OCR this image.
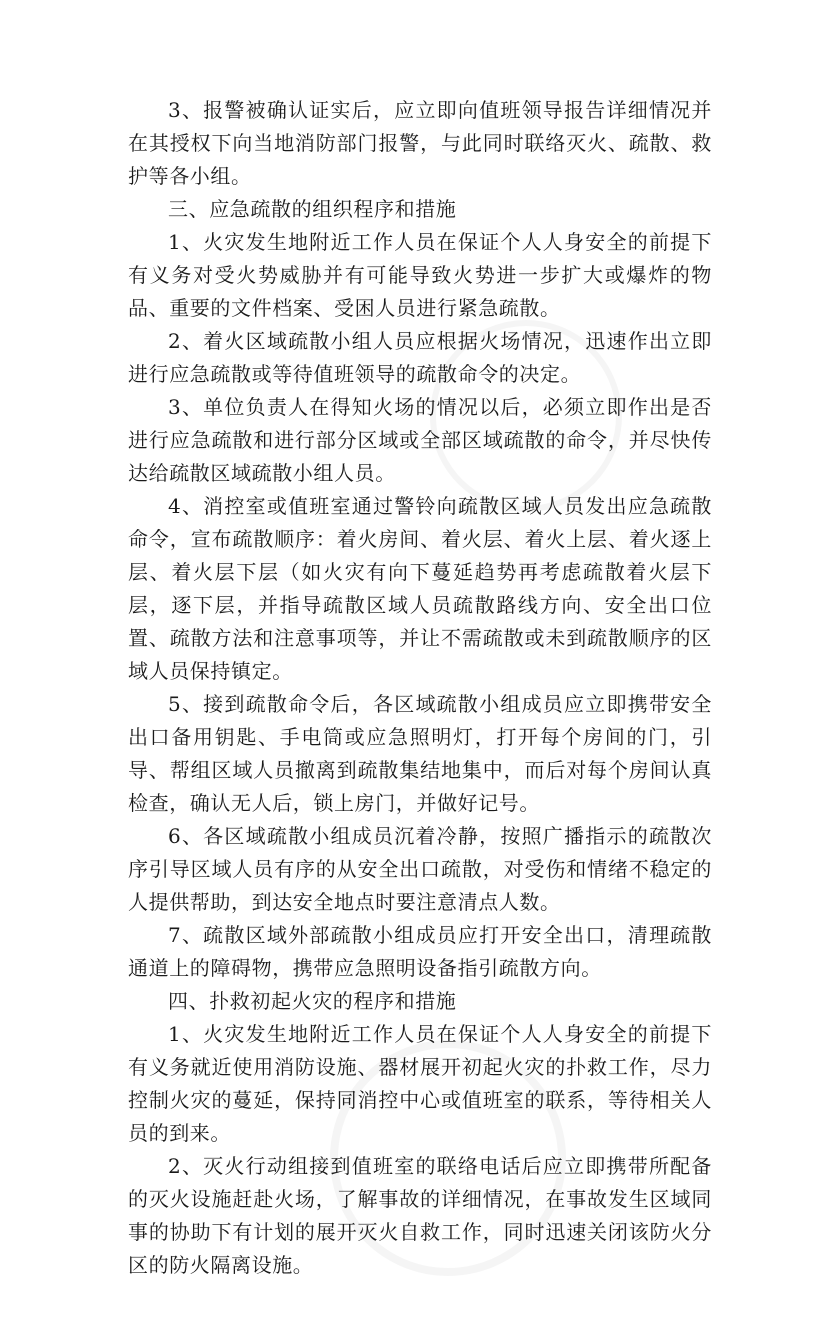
3、报警被确认证实后，应立即向值班领导报告详细情况并在其授权下向当地消防部门报警，与此同时联络灭火、疏散、救护等各小组。

三、应急疏散的组织程序和措施

1、火灾发生地附近工作人员在保证个人人身安全的前提下有义务对受火势威胁并有可能导致火势进一步扩大或爆炸的物品、重要的文件档案、受困人员进行紧急疏散。

2、着火区域疏散小组人员应根据火场情况，迅速作出立即进行应急疏散或等待值班领导的疏散命令的决定。

3、单位负责人在得知火场的情况以后，必须立即作出是否进行应急疏散和进行部分区域或全部区域疏散的命令，并尽快传达给疏散区域疏散小组人员。

4、消控室或值班室通过警铃向疏散区域人员发出应急疏散命令，宣布疏散顺序：着火房间、着火层、着火上层、着火逐上层、着火层下层（如火灾有向下蔓延趋势再考虑疏散着火层下层，逐下层，并指导疏散区域人员疏散路线方向、安全出口位置、疏散方法和注意事项等，并让不需疏散或未到疏散顺序的区域人员保持镇定。

5、接到疏散命令后，各区域疏散小组成员应立即携带安全出口备用钥匙、手电筒或应急照明灯，打开每个房间的门，引导、帮组区域人员撤离到疏散集结地集中，而后对每个房间认真检查，确认无人后，锁上房门，并做好记号。

6、各区域疏散小组成员沉着冷静，按照广播指示的疏散次序引导区域人员有序的从安全出口疏散，对受伤和情绪不稳定的人提供帮助，到达安全地点时要注意清点人数。

7、疏散区域外部疏散小组成员应打开安全出口，清理疏散通道上的障碍物，携带应急照明设备指引疏散方向。

四、扑救初起火灾的程序和措施

1、火灾发生地附近工作人员在保证个人人身安全的前提下有义务就近使用消防设施、器材展开初起火灾的扑救工作，尽力控制火灾的蔓延，保持同消控中心或值班室的联系，等待相关人员的到来。

2、灭火行动组接到值班室的联络电话后应立即携带所配备的灭火设施赶赴火场，了解事故的详细情况，在事故发生区域同事的协助下有计划的展开灭火自救工作，同时迅速关闭该防火分区的防火隔离设施。
